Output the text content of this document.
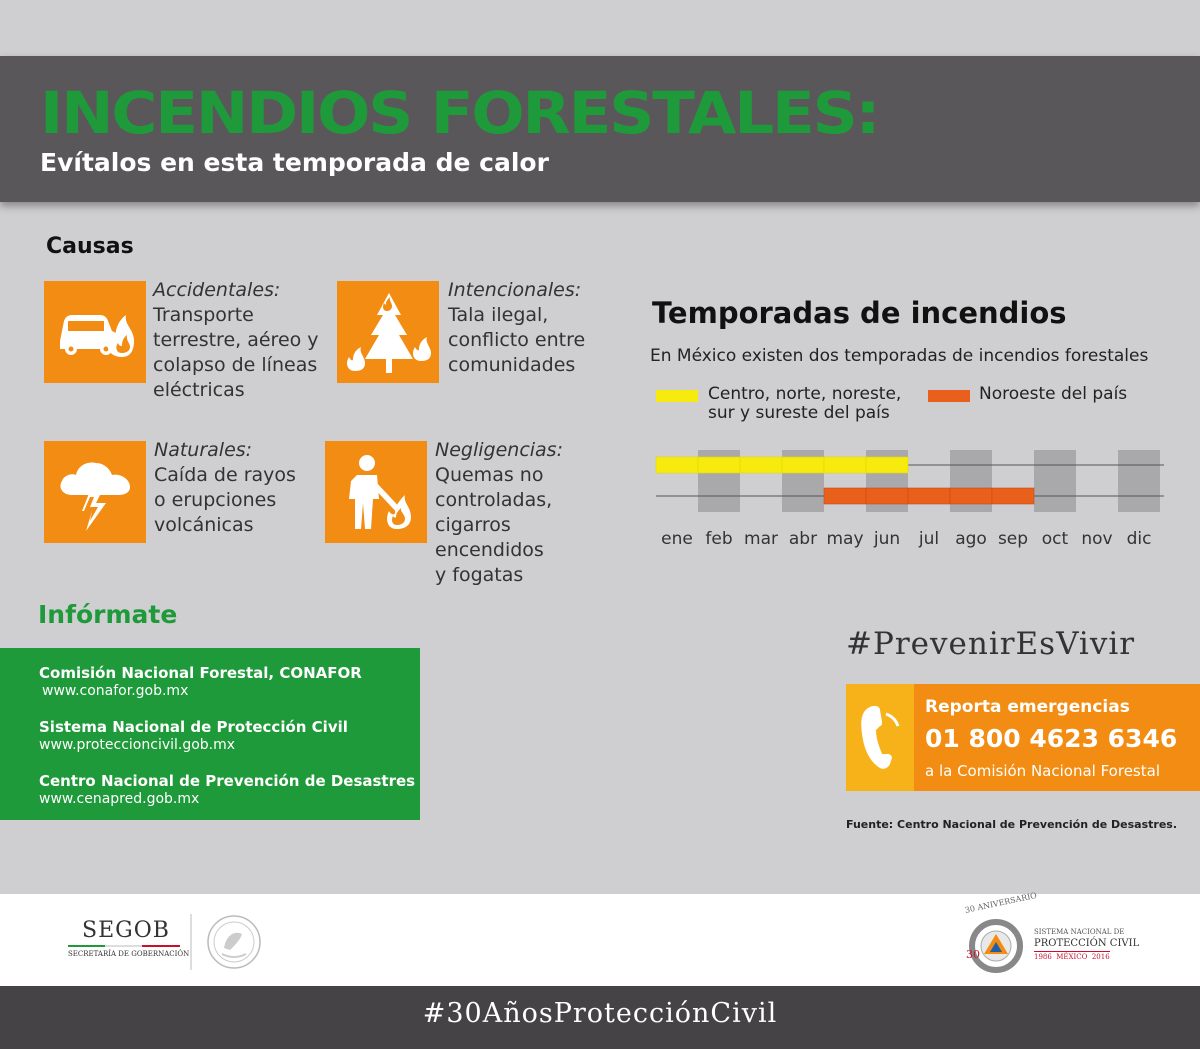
INCENDIOS FORESTALES:
Evítalos en esta temporada de calor
Causas
Accidentales:
Transporte
terrestre, aéreo y
colapso de líneas
eléctricas
Intencionales:
Tala ilegal,
conflicto entre
comunidades
Naturales:
Caída de rayos
o erupciones
volcánicas
Negligencias:
Quemas no
controladas,
cigarros
encendidos
y fogatas
Temporadas de incendios
En México existen dos temporadas de incendios forestales
Centro, norte, noreste,
sur y sureste del país
Noroeste del país
ene feb mar abr may jun jul ago sep oct nov dic
Infórmate
Comisión Nacional Forestal, CONAFOR
www.conafor.gob.mx
Sistema Nacional de Protección Civil
www.proteccioncivil.gob.mx
Centro Nacional de Prevención de Desastres
www.cenapred.gob.mx
#PrevenirEsVivir
Reporta emergencias
01 800 4623 6346
a la Comisión Nacional Forestal
Fuente: Centro Nacional de Prevención de Desastres.
SEGOB
SECRETARÍA DE GOBERNACIÓN	30
30 ANIVERSARIO
SISTEMA NACIONAL DE
PROTECCIÓN CIVIL
1986  MÉXICO  2016
#30AñosProtecciónCivil
